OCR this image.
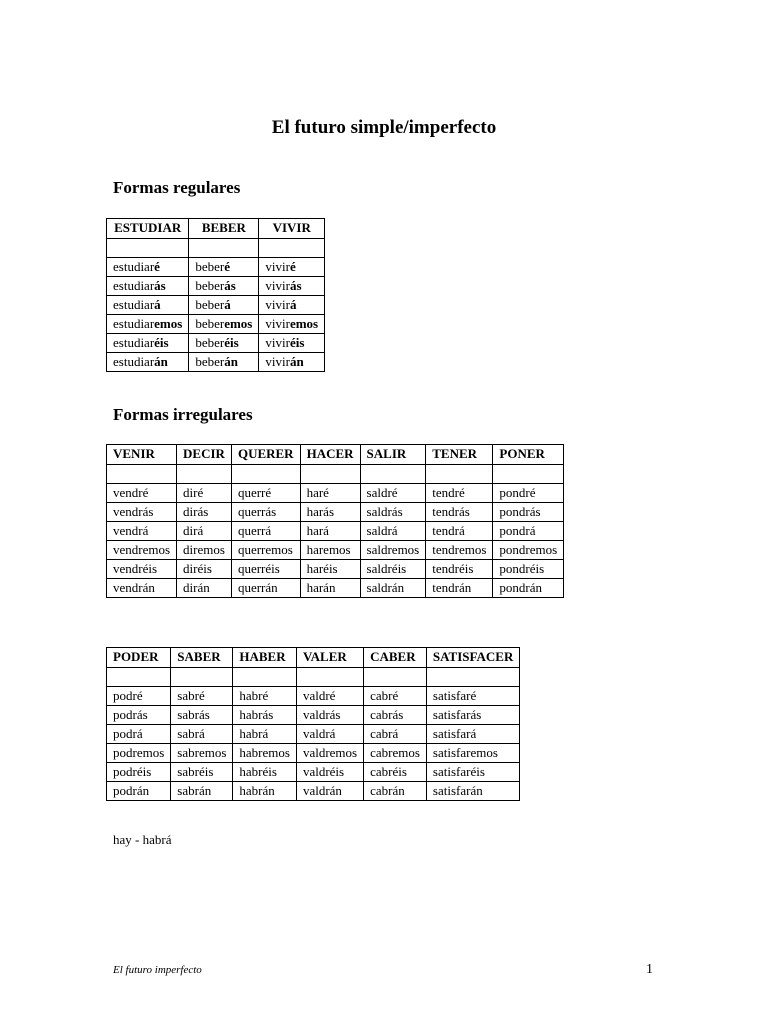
El futuro simple/imperfecto
Formas regulares
ESTUDIAR	BEBER	VIVIR

estudiaré	beberé	viviré
estudiarás	beberás	vivirás
estudiará	beberá	vivirá
estudiaremos	beberemos	viviremos
estudiaréis	beberéis	viviréis
estudiarán	beberán	vivirán
Formas irregulares
VENIR	DECIR	QUERER	HACER	SALIR	TENER	PONER

vendré	diré	querré	haré	saldré	tendré	pondré
vendrás	dirás	querrás	harás	saldrás	tendrás	pondrás
vendrá	dirá	querrá	hará	saldrá	tendrá	pondrá
vendremos	diremos	querremos	haremos	saldremos	tendremos	pondremos
vendréis	diréis	querréis	haréis	saldréis	tendréis	pondréis
vendrán	dirán	querrán	harán	saldrán	tendrán	pondrán
PODER	SABER	HABER	VALER	CABER	SATISFACER

podré	sabré	habré	valdré	cabré	satisfaré
podrás	sabrás	habrás	valdrás	cabrás	satisfarás
podrá	sabrá	habrá	valdrá	cabrá	satisfará
podremos	sabremos	habremos	valdremos	cabremos	satisfaremos
podréis	sabréis	habréis	valdréis	cabréis	satisfaréis
podrán	sabrán	habrán	valdrán	cabrán	satisfarán
hay - habrá
El futuro imperfecto	1
